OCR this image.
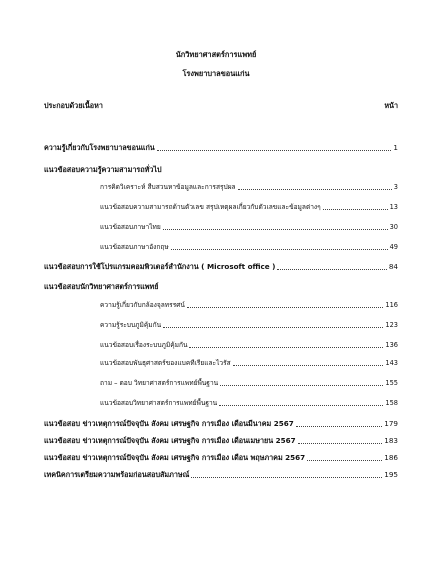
นักวิทยาศาสตร์การแพทย์
โรงพยาบาลขอนแก่น
ประกอบด้วยเนื้อหา	หน้า
ความรู้เกี่ยวกับโรงพยาบาลขอนแก่น	1
แนวข้อสอบความรู้ความสามารถทั่วไป
การคิดวิเคราะห์ สืบสวนหาข้อมูลและการสรุปผล	3
แนวข้อสอบความสามารถด้านตัวเลข สรุปเหตุผลเกี่ยวกับตัวเลขและข้อมูลต่างๆ	13
แนวข้อสอบภาษาไทย	30
แนวข้อสอบภาษาอังกฤษ	49
แนวข้อสอบการใช้โปรแกรมคอมพิวเตอร์สำนักงาน ( Microsoft office )	84
แนวข้อสอบนักวิทยาศาสตร์การแพทย์
ความรู้เกี่ยวกับกล้องจุลทรรศน์	116
ความรู้ระบบภูมิคุ้มกัน	123
แนวข้อสอบเรื่องระบบภูมิคุ้มกัน	136
แนวข้อสอบพันธุศาสตร์ของแบคทีเรียและไวรัส	143
ถาม – ตอบ วิทยาศาสตร์การแพทย์พื้นฐาน	155
แนวข้อสอบวิทยาศาสตร์การแพทย์พื้นฐาน	158
แนวข้อสอบ ข่าวเหตุการณ์ปัจจุบัน สังคม เศรษฐกิจ การเมือง เดือนมีนาคม 2567	179
แนวข้อสอบ ข่าวเหตุการณ์ปัจจุบัน สังคม เศรษฐกิจ การเมือง เดือนเมษายน 2567	183
แนวข้อสอบ ข่าวเหตุการณ์ปัจจุบัน สังคม เศรษฐกิจ การเมือง เดือน พฤษภาคม 2567	186
เทคนิคการเตรียมความพร้อมก่อนสอบสัมภาษณ์	195
